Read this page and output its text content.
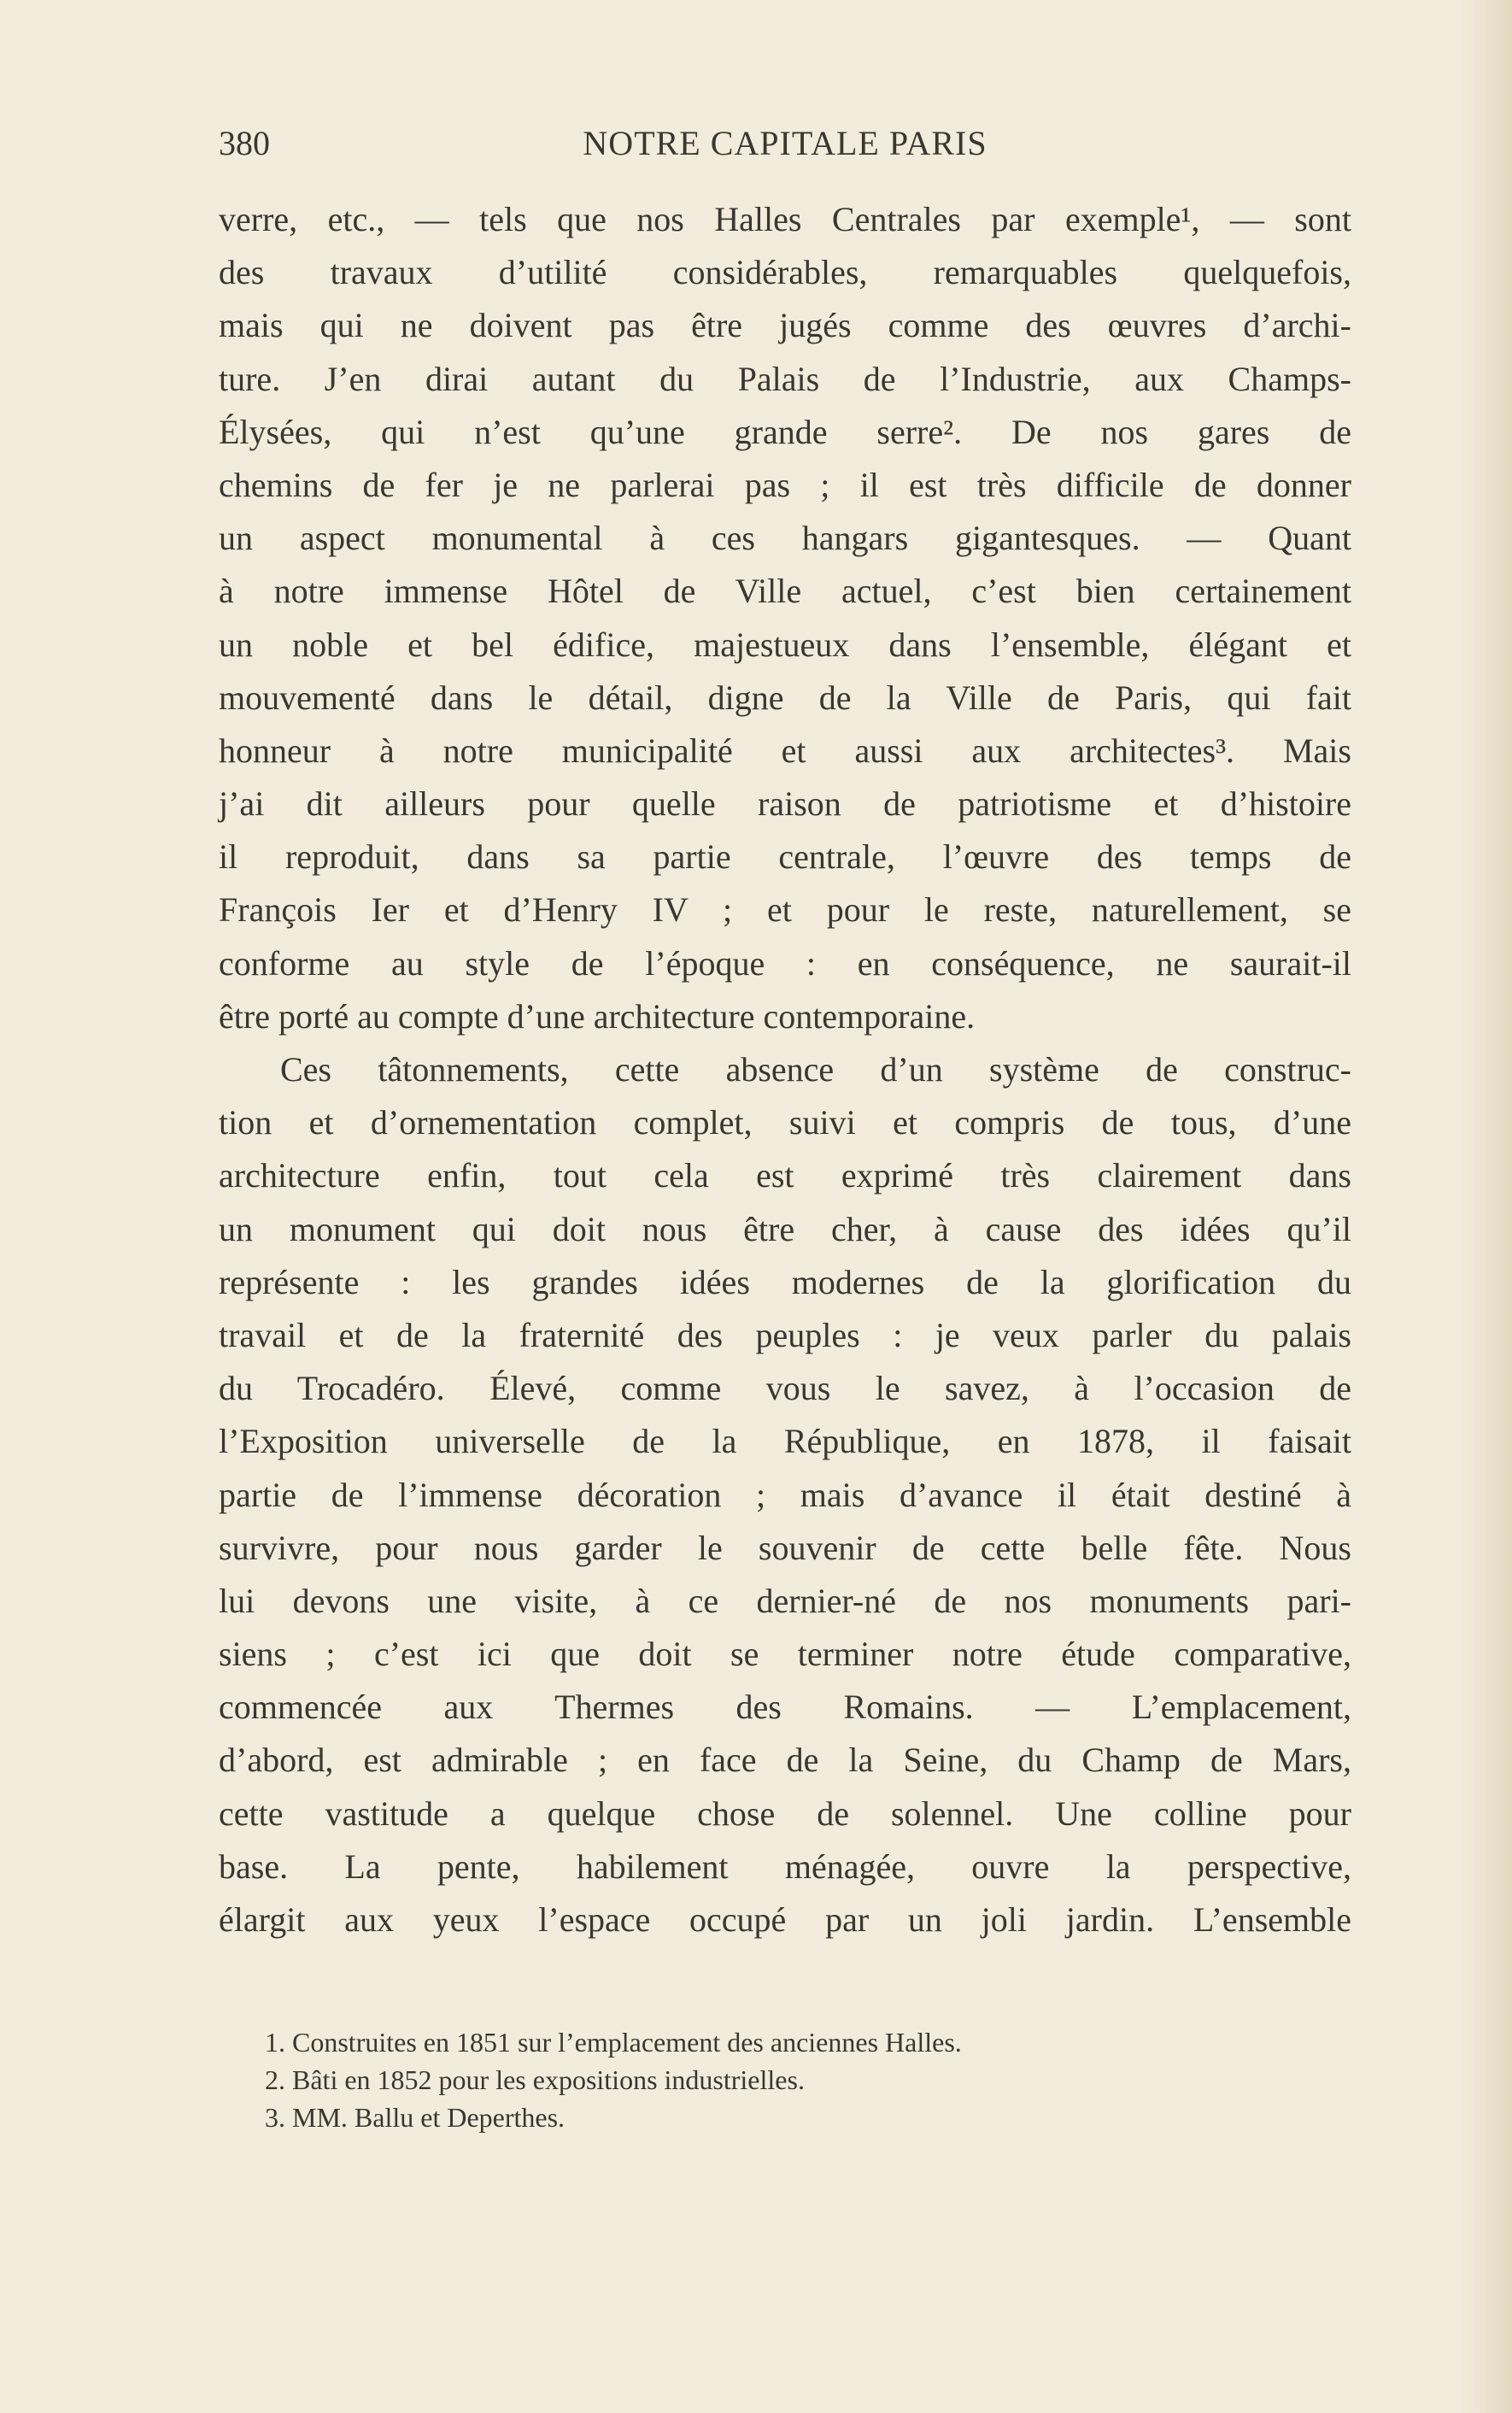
380	NOTRE CAPITALE PARIS
verre, etc., — tels que nos Halles Centrales par exemple¹, — sont
des travaux d’utilité considérables, remarquables quelquefois,
mais qui ne doivent pas être jugés comme des œuvres d’archi-
ture. J’en dirai autant du Palais de l’Industrie, aux Champs-
Élysées, qui n’est qu’une grande serre². De nos gares de
chemins de fer je ne parlerai pas ; il est très difficile de donner
un aspect monumental à ces hangars gigantesques. — Quant
à notre immense Hôtel de Ville actuel, c’est bien certainement
un noble et bel édifice, majestueux dans l’ensemble, élégant et
mouvementé dans le détail, digne de la Ville de Paris, qui fait
honneur à notre municipalité et aussi aux architectes³. Mais
j’ai dit ailleurs pour quelle raison de patriotisme et d’histoire
il reproduit, dans sa partie centrale, l’œuvre des temps de
François Ier et d’Henry IV ; et pour le reste, naturellement, se
conforme au style de l’époque : en conséquence, ne saurait-il
être porté au compte d’une architecture contemporaine.
Ces tâtonnements, cette absence d’un système de construc-
tion et d’ornementation complet, suivi et compris de tous, d’une
architecture enfin, tout cela est exprimé très clairement dans
un monument qui doit nous être cher, à cause des idées qu’il
représente : les grandes idées modernes de la glorification du
travail et de la fraternité des peuples : je veux parler du palais
du Trocadéro. Élevé, comme vous le savez, à l’occasion de
l’Exposition universelle de la République, en 1878, il faisait
partie de l’immense décoration ; mais d’avance il était destiné à
survivre, pour nous garder le souvenir de cette belle fête. Nous
lui devons une visite, à ce dernier-né de nos monuments pari-
siens ; c’est ici que doit se terminer notre étude comparative,
commencée aux Thermes des Romains. — L’emplacement,
d’abord, est admirable ; en face de la Seine, du Champ de Mars,
cette vastitude a quelque chose de solennel. Une colline pour
base. La pente, habilement ménagée, ouvre la perspective,
élargit aux yeux l’espace occupé par un joli jardin. L’ensemble
1. Construites en 1851 sur l’emplacement des anciennes Halles.
2. Bâti en 1852 pour les expositions industrielles.
3. MM. Ballu et Deperthes.
